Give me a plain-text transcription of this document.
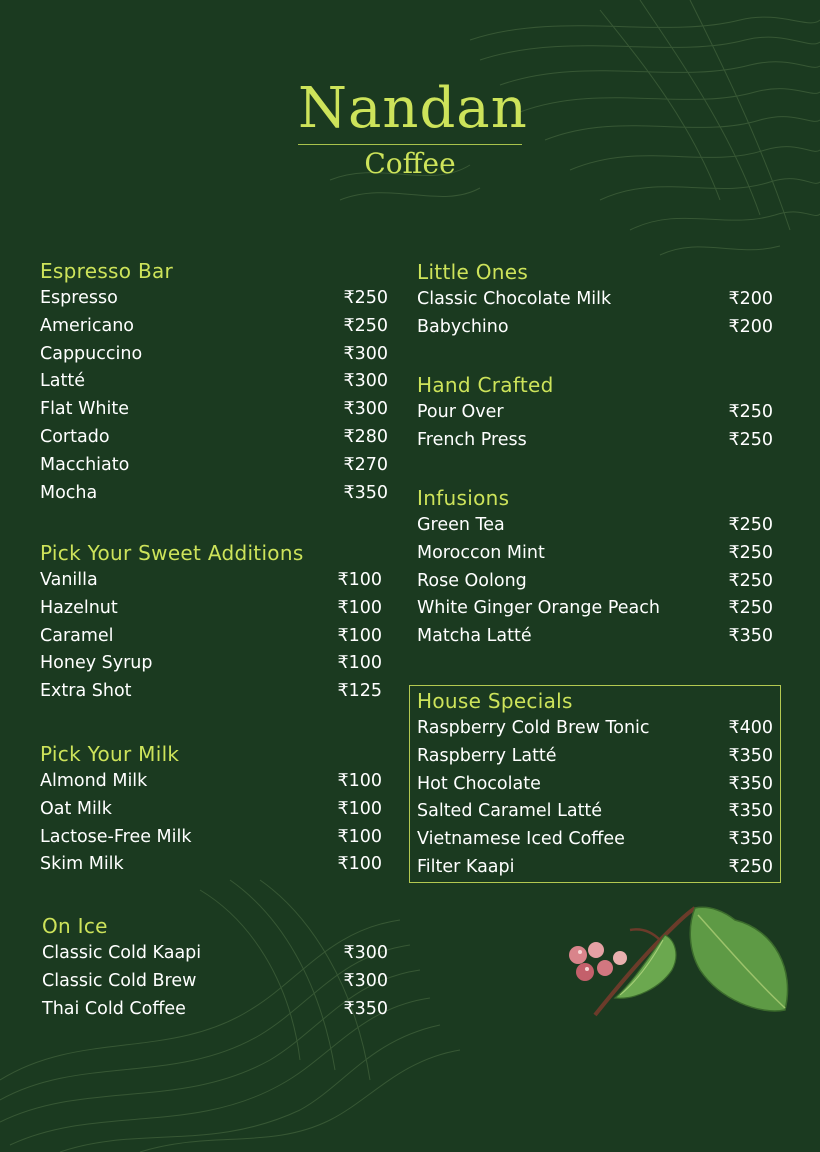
Nandan
Coffee
Espresso Bar
Espresso	₹250
Americano	₹250
Cappuccino	₹300
Latté	₹300
Flat White	₹300
Cortado	₹280
Macchiato	₹270
Mocha	₹350
Pick Your Sweet Additions
Vanilla	₹100
Hazelnut	₹100
Caramel	₹100
Honey Syrup	₹100
Extra Shot	₹125
Pick Your Milk
Almond Milk	₹100
Oat Milk	₹100
Lactose-Free Milk	₹100
Skim Milk	₹100
On Ice
Classic Cold Kaapi	₹300
Classic Cold Brew	₹300
Thai Cold Coffee	₹350
Little Ones
Classic Chocolate Milk	₹200
Babychino	₹200
Hand Crafted
Pour Over	₹250
French Press	₹250
Infusions
Green Tea	₹250
Moroccon Mint	₹250
Rose Oolong	₹250
White Ginger Orange Peach	₹250
Matcha Latté	₹350
House Specials
Raspberry Cold Brew Tonic	₹400
Raspberry Latté	₹350
Hot Chocolate	₹350
Salted Caramel Latté	₹350
Vietnamese Iced Coffee	₹350
Filter Kaapi	₹250
